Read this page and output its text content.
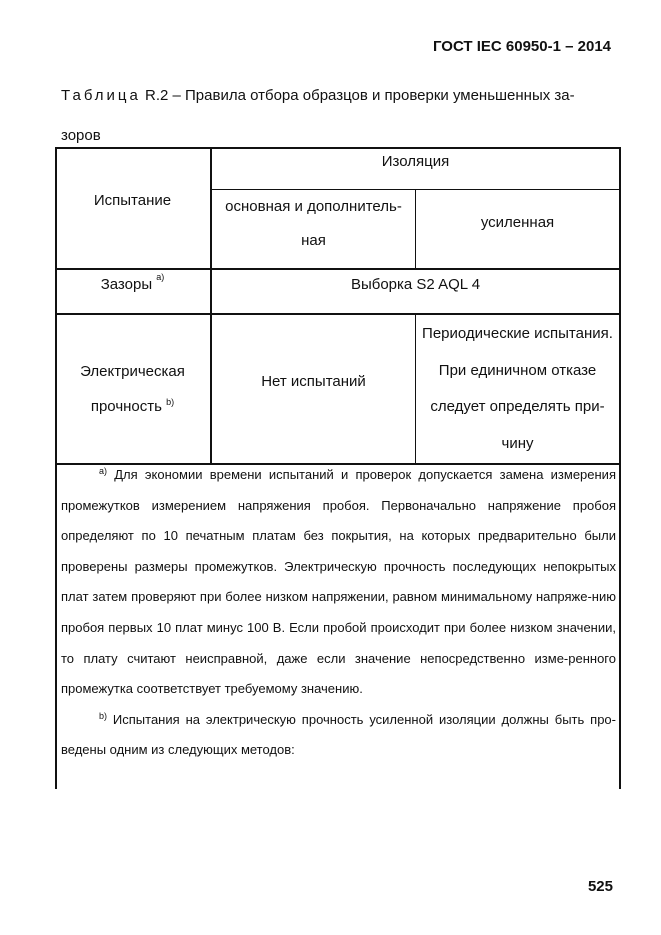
ГОСТ IEC 60950-1 – 2014
Таблица R.2 – Правила отбора образцов и проверки уменьшенных за-
зоров
Испытание
Изоляция
основная и дополнитель-
ная
усиленная
Зазоры $^{a)}$	Выборка S2 AQL 4
Электрическая
прочность $^{b)}$
Нет испытаний
Периодические испытания.
При единичном отказе
следует определять при-
чину

$^{a)}$ Для экономии времени испытаний и проверок допускается замена измерения промежутков измерением напряжения пробоя. Первоначально напряжение пробоя определяют по 10 печатным платам без покрытия, на которых предварительно были проверены размеры промежутков. Электрическую прочность последующих непокрытых плат затем проверяют при более низком напряжении, равном минимальному напряже-нию пробоя первых 10 плат минус 100 В. Если пробой происходит при более низком значении, то плату считают неисправной, даже если значение непосредственно изме-ренного промежутка соответствует требуемому значению.

$^{b)}$ Испытания на электрическую прочность усиленной изоляции должны быть про-ведены одним из следующих методов:

525
